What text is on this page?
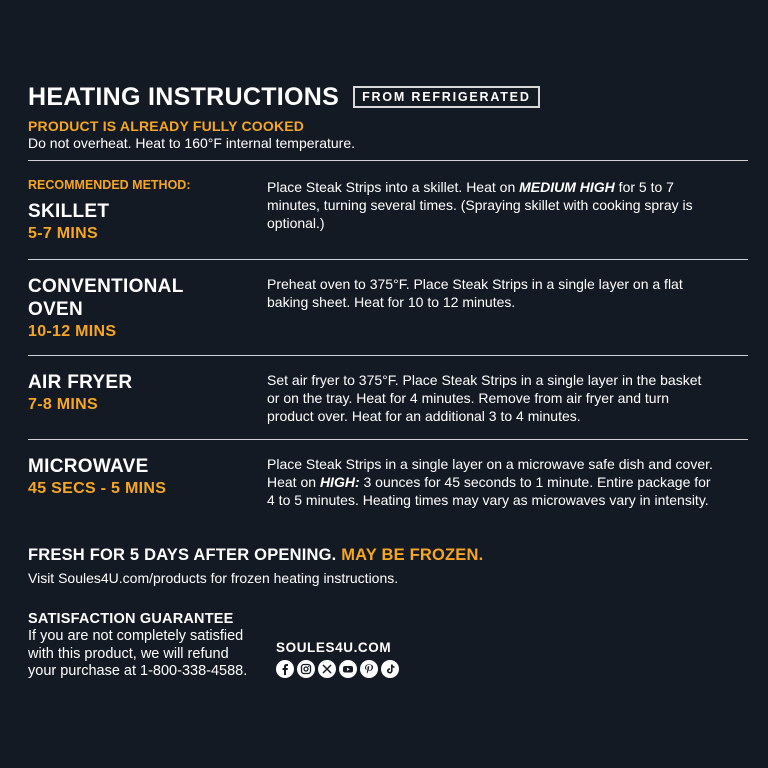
HEATING INSTRUCTIONS	FROM REFRIGERATED
PRODUCT IS ALREADY FULLY COOKED
Do not overheat. Heat to 160°F internal temperature.
RECOMMENDED METHOD:
SKILLET
5-7 MINS
Place Steak Strips into a skillet. Heat on MEDIUM HIGH for 5 to 7 minutes, turning several times. (Spraying skillet with cooking spray is optional.)
CONVENTIONAL
OVEN
10-12 MINS
Preheat oven to 375°F. Place Steak Strips in a single layer on a flat baking sheet. Heat for 10 to 12 minutes.
AIR FRYER
7-8 MINS
Set air fryer to 375°F. Place Steak Strips in a single layer in the basket or on the tray. Heat for 4 minutes. Remove from air fryer and turn product over. Heat for an additional 3 to 4 minutes.
MICROWAVE
45 SECS - 5 MINS
Place Steak Strips in a single layer on a microwave safe dish and cover. Heat on HIGH: 3 ounces for 45 seconds to 1 minute. Entire package for 4 to 5 minutes. Heating times may vary as microwaves vary in intensity.
FRESH FOR 5 DAYS AFTER OPENING. MAY BE FROZEN.
Visit Soules4U.com/products for frozen heating instructions.
SATISFACTION GUARANTEE
If you are not completely satisfied
with this product, we will refund
your purchase at 1-800-338-4588.
SOULES4U.COM
